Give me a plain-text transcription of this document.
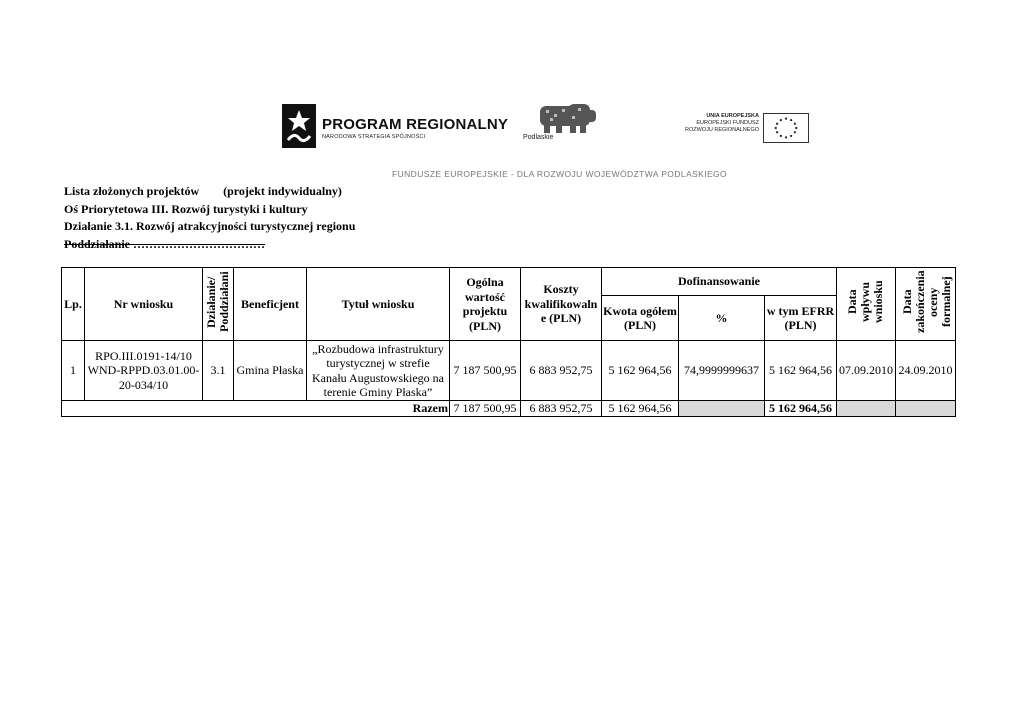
PROGRAM REGIONALNY
NARODOWA STRATEGIA SPÓJNOŚCI	Podlaskie
UNIA EUROPEJSKA
EUROPEJSKI FUNDUSZ
ROZWOJU REGIONALNEGO
FUNDUSZE EUROPEJSKIE - DLA ROZWOJU WOJEWÓDZTWA PODLASKIEGO
Lista złożonych projektów        (projekt indywidualny)
Oś Priorytetowa III. Rozwój turystyki i kultury
Działanie 3.1. Rozwój atrakcyjności turystycznej regionu
Poddziałanie ……………………………
Lp.	Nr wniosku	Działanie/ Poddziałani	Beneficjent	Tytuł wniosku	Ogólna wartość projektu (PLN)	Koszty kwalifikowaln e (PLN)	Dofinansowanie			Data wpływu wniosku	Data zakończenia oceny formalnej
							Kwota ogółem (PLN)	%	w tym EFRR (PLN)		
1	RPO.III.0191-14/10 WND-RPPD.03.01.00-20-034/10	3.1	Gmina Płaska	„Rozbudowa infrastruktury turystycznej w strefie Kanału Augustowskiego na terenie Gminy Płaska”	7 187 500,95	6 883 952,75	5 162 964,56	74,9999999637	5 162 964,56	07.09.2010	24.09.2010
Razem					7 187 500,95	6 883 952,75	5 162 964,56		5 162 964,56		
